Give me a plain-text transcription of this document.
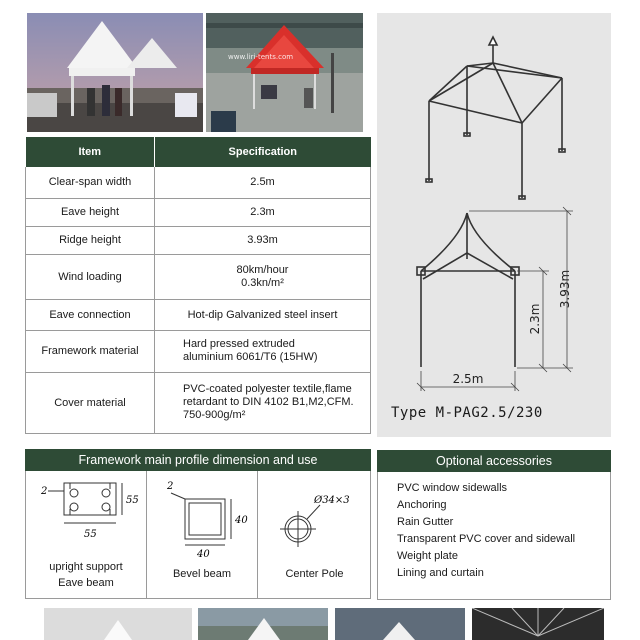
www.liri-tents.com
Item	Specification
Clear-span width	2.5m
Eave height	2.3m
Ridge height	3.93m
Wind loading	80km/hour
0.3kn/m²

Eave connection	Hot-dip Galvanized steel insert
Framework material	Hard pressed extruded
aluminium 6061/T6 (15HW)

Cover material	PVC-coated polyester textile,flame
retardant to DIN 4102 B1,M2,CFM.
750-900g/m²
3.93m
2.3m
2.5m
Type M-PAG2.5/230
Framework main profile dimension and use
2
55
55
upright support
Eave beam
2
40
40
Bevel beam
Ø34×3
Center Pole
Optional accessories
PVC window sidewalls
Anchoring
Rain Gutter
Transparent PVC cover and sidewall
Weight plate
Lining and curtain
